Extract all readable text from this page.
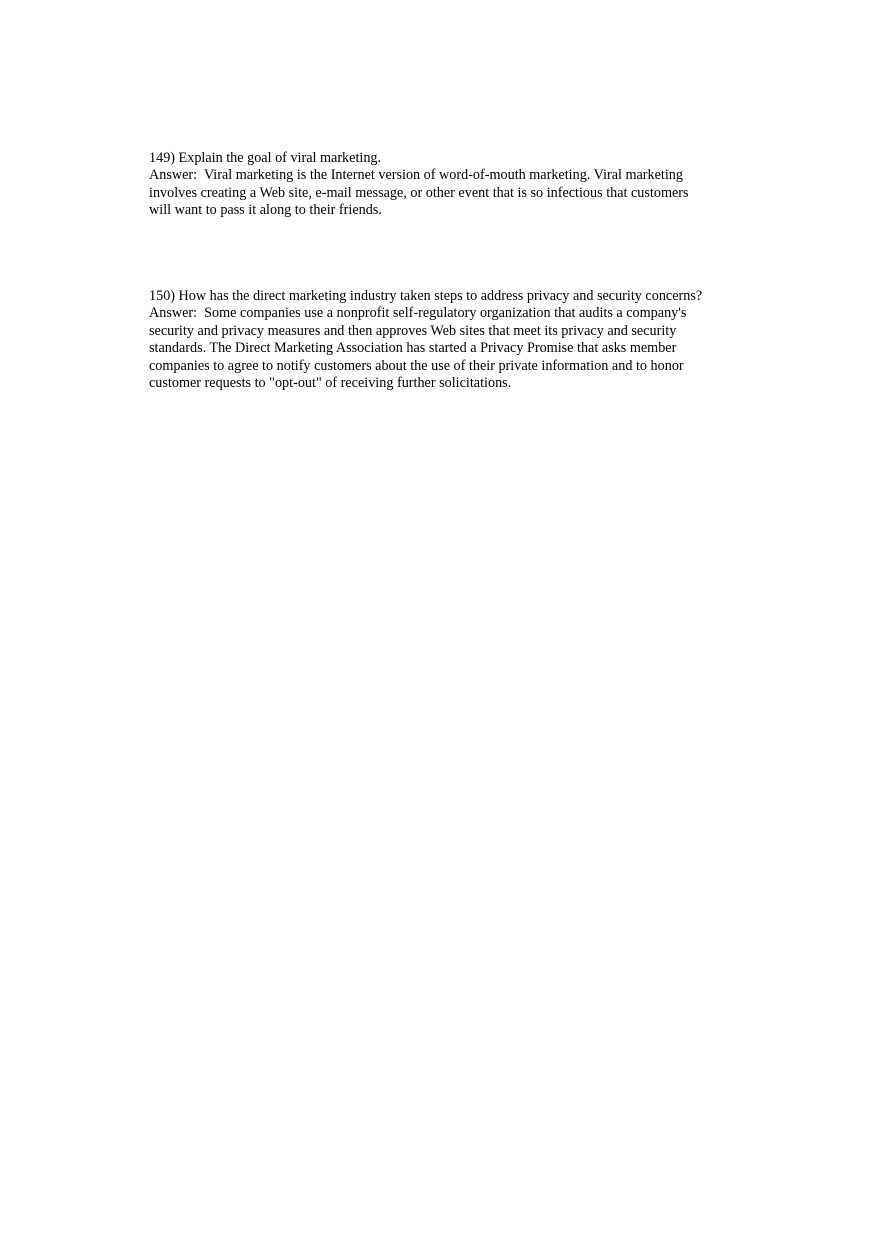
149) Explain the goal of viral marketing.
Answer:  Viral marketing is the Internet version of word-of-mouth marketing. Viral marketing
involves creating a Web site, e-mail message, or other event that is so infectious that customers
will want to pass it along to their friends.
150) How has the direct marketing industry taken steps to address privacy and security concerns?
Answer:  Some companies use a nonprofit self-regulatory organization that audits a company's
security and privacy measures and then approves Web sites that meet its privacy and security
standards. The Direct Marketing Association has started a Privacy Promise that asks member
companies to agree to notify customers about the use of their private information and to honor
customer requests to "opt-out" of receiving further solicitations.
